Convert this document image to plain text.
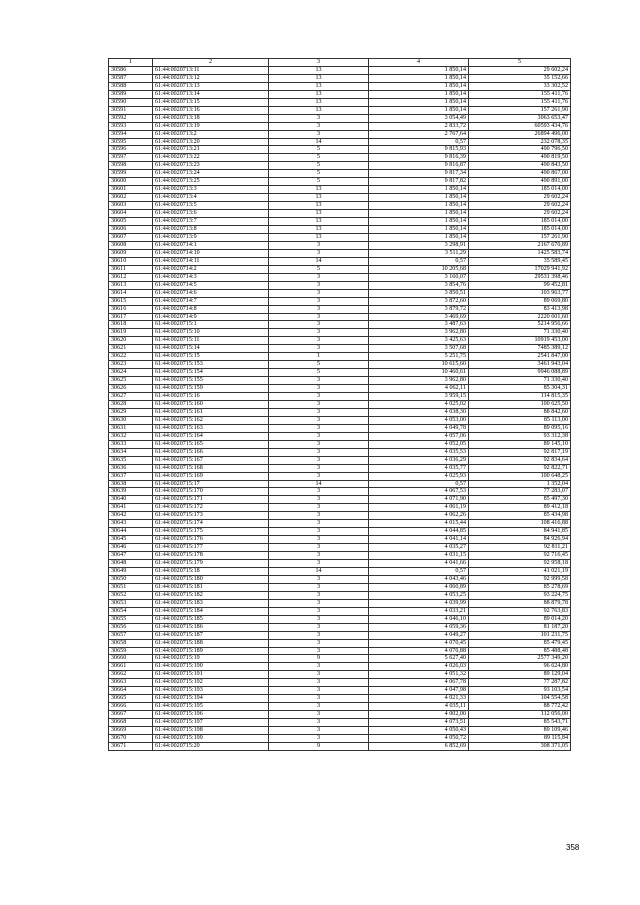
1	2	3	4	5
30586	61:44:0020713:11	13	1 850,14	29 602,24
30587	61:44:0020713:12	13	1 850,14	35 152,66
30588	61:44:0020713:13	13	1 850,14	33 302,52
30589	61:44:0020713:14	13	1 850,14	155 411,76
30590	61:44:0020713:15	13	1 850,14	155 411,76
30591	61:44:0020713:16	13	1 850,14	157 261,90
30592	61:44:0020713:18	3	3 054,49	3063 653,47
30593	61:44:0020713:19	3	2 833,72	60593 434,76
30594	61:44:0020713:2	3	2 767,64	26894 496,00
30595	61:44:0020713:20	14	0,57	232 078,35
30596	61:44:0020713:21	5	9 815,93	490 796,50
30597	61:44:0020713:22	5	9 816,39	490 819,50
30598	61:44:0020713:23	5	9 816,87	490 843,50
30599	61:44:0020713:24	5	9 817,34	490 867,00
30600	61:44:0020713:25	5	9 817,82	490 891,00
30601	61:44:0020713:3	13	1 850,14	185 014,00
30602	61:44:0020713:4	13	1 850,14	29 602,24
30603	61:44:0020713:5	13	1 850,14	29 602,24
30604	61:44:0020713:6	13	1 850,14	29 602,24
30605	61:44:0020713:7	13	1 850,14	185 014,00
30606	61:44:0020713:8	13	1 850,14	185 014,00
30607	61:44:0020713:9	13	1 850,14	157 261,90
30608	61:44:0020714:1	3	3 298,91	2167 670,89
30609	61:44:0020714:10	3	3 511,29	1425 583,74
30610	61:44:0020714:11	14	0,57	35 589,45
30611	61:44:0020714:2	5	10 205,68	17029 941,92
30612	61:44:0020714:3	3	3 160,07	29531 398,46
30613	61:44:0020714:5	3	3 854,76	99 452,81
30614	61:44:0020714:6	3	3 850,51	103 963,77
30615	61:44:0020714:7	3	3 872,60	89 069,80
30616	61:44:0020714:8	3	3 879,72	83 413,98
30617	61:44:0020714:9	3	3 469,69	2220 601,60
30618	61:44:0020715:1	3	3 487,63	5214 956,66
30619	61:44:0020715:10	3	3 962,80	71 330,40
30620	61:44:0020715:11	3	3 425,63	10919 453,00
30621	61:44:0020715:14	3	3 507,68	7485 389,12
30622	61:44:0020715:15	1	5 251,75	2541 847,00
30623	61:44:0020715:153	5	10 615,60	3461 943,04
30624	61:44:0020715:154	5	10 460,61	9946 088,89
30625	61:44:0020715:155	3	3 962,80	71 330,40
30626	61:44:0020715:159	3	4 062,11	85 304,31
30627	61:44:0020715:16	3	3 959,15	114 815,35
30628	61:44:0020715:160	3	4 025,02	100 625,50
30629	61:44:0020715:161	3	4 038,30	88 842,60
30630	61:44:0020715:162	3	4 053,00	85 113,00
30631	61:44:0020715:163	3	4 049,78	89 095,16
30632	61:44:0020715:164	3	4 057,06	93 312,38
30633	61:44:0020715:165	3	4 052,05	89 145,10
30634	61:44:0020715:166	3	4 035,53	92 817,19
30635	61:44:0020715:167	3	4 036,29	92 834,64
30636	61:44:0020715:168	3	4 035,77	92 822,71
30637	61:44:0020715:169	3	4 025,93	100 648,25
30638	61:44:0020715:17	14	0,57	1 352,04
30639	61:44:0020715:170	3	4 067,53	77 283,07
30640	61:44:0020715:171	3	4 071,90	85 497,30
30641	61:44:0020715:172	3	4 061,19	89 412,18
30642	61:44:0020715:173	3	4 062,26	85 434,98
30643	61:44:0020715:174	3	4 015,44	108 416,88
30644	61:44:0020715:175	3	4 044,85	84 941,85
30645	61:44:0020715:176	3	4 041,14	84 926,94
30646	61:44:0020715:177	3	4 035,27	92 811,21
30647	61:44:0020715:178	3	4 031,15	92 716,45
30648	61:44:0020715:179	3	4 041,66	92 958,18
30649	61:44:0020715:18	14	0,57	41 021,19
30650	61:44:0020715:180	3	4 043,46	92 999,58
30651	61:44:0020715:181	3	4 060,89	85 278,69
30652	61:44:0020715:182	3	4 053,25	93 224,75
30653	61:44:0020715:183	3	4 039,99	88 879,78
30654	61:44:0020715:184	3	4 033,21	92 763,83
30655	61:44:0020715:185	3	4 046,10	89 014,20
30656	61:44:0020715:186	3	4 059,36	81 187,20
30657	61:44:0020715:187	3	4 049,27	101 231,75
30658	61:44:0020715:188	3	4 070,45	85 479,45
30659	61:44:0020715:189	3	4 070,88	85 488,48
30660	61:44:0020715:19	9	5 627,40	2577 349,20
30661	61:44:0020715:190	3	4 026,03	96 624,80
30662	61:44:0020715:191	3	4 051,32	89 129,04
30663	61:44:0020715:192	3	4 067,78	77 287,82
30664	61:44:0020715:193	3	4 047,98	93 103,54
30665	61:44:0020715:194	3	4 021,33	104 554,58
30666	61:44:0020715:195	3	4 035,11	88 772,42
30667	61:44:0020715:196	3	4 002,00	112 056,00
30668	61:44:0020715:197	3	4 073,51	85 543,71
30669	61:44:0020715:198	3	4 050,43	89 109,46
30670	61:44:0020715:199	3	4 050,72	89 115,84
30671	61:44:0020715:20	9	6 852,69	308 371,05
358
